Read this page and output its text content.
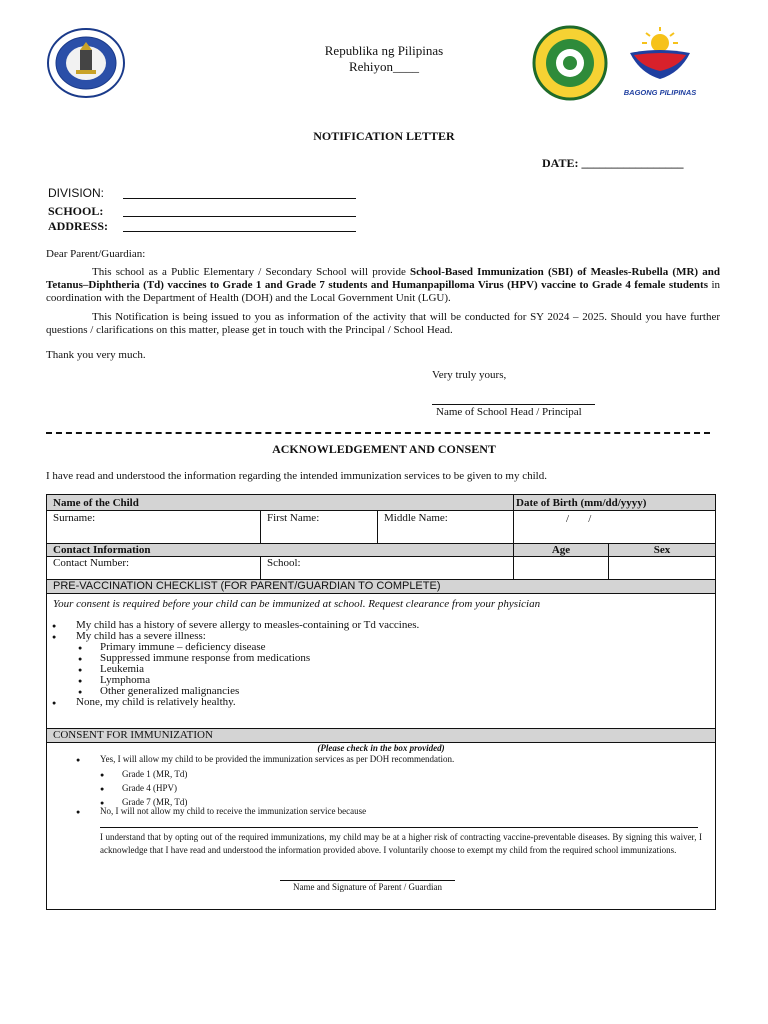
Republika ng Pilipinas
Rehiyon____
BAGONG PILIPINAS
NOTIFICATION LETTER
DATE: _________________
DIVISION:
SCHOOL:
ADDRESS:
Dear Parent/Guardian:
This school as a Public Elementary / Secondary School will provide School-Based Immunization (SBI) of Measles-Rubella (MR) and Tetanus–Diphtheria (Td) vaccines to Grade 1 and Grade 7 students and Humanpapilloma Virus (HPV) vaccine to Grade 4 female students in coordination with the Department of Health (DOH) and the Local Government Unit (LGU).
This Notification is being issued to you as information of the activity that will be conducted for SY 2024 – 2025. Should you have further questions / clarifications on this matter, please get in touch with the Principal / School Head.
Thank you very much.
Very truly yours,
Name of School Head / Principal
ACKNOWLEDGEMENT AND CONSENT
I have read and understood the information regarding the intended immunization services to be given to my child.
Name of the Child	Date of Birth (mm/dd/yyyy)
Surname:	First Name:	Middle Name:	/       /
Contact Information	Age	Sex
Contact Number:	School:
PRE-VACCINATION CHECKLIST (FOR PARENT/GUARDIAN TO COMPLETE)
Your consent is required before your child can be immunized at school. Request clearance from your physician
● My child has a history of severe allergy to measles-containing or Td vaccines.
● My child has a severe illness:
● Primary immune – deficiency disease
● Suppressed immune response from medications
● Leukemia
● Lymphoma
● Other generalized malignancies
● None, my child is relatively healthy.
CONSENT FOR IMMUNIZATION
(Please check in the box provided)
● Yes, I will allow my child to be provided the immunization services as per DOH recommendation.
● Grade 1 (MR, Td)
● Grade 4 (HPV)
● Grade 7 (MR, Td)
● No, I will not allow my child to receive the immunization service because
I understand that by opting out of the required immunizations, my child may be at a higher risk of contracting vaccine-preventable diseases. By signing this waiver, I acknowledge that I have read and understood the information provided above. I voluntarily choose to exempt my child from the required school immunizations.
Name and Signature of Parent / Guardian
